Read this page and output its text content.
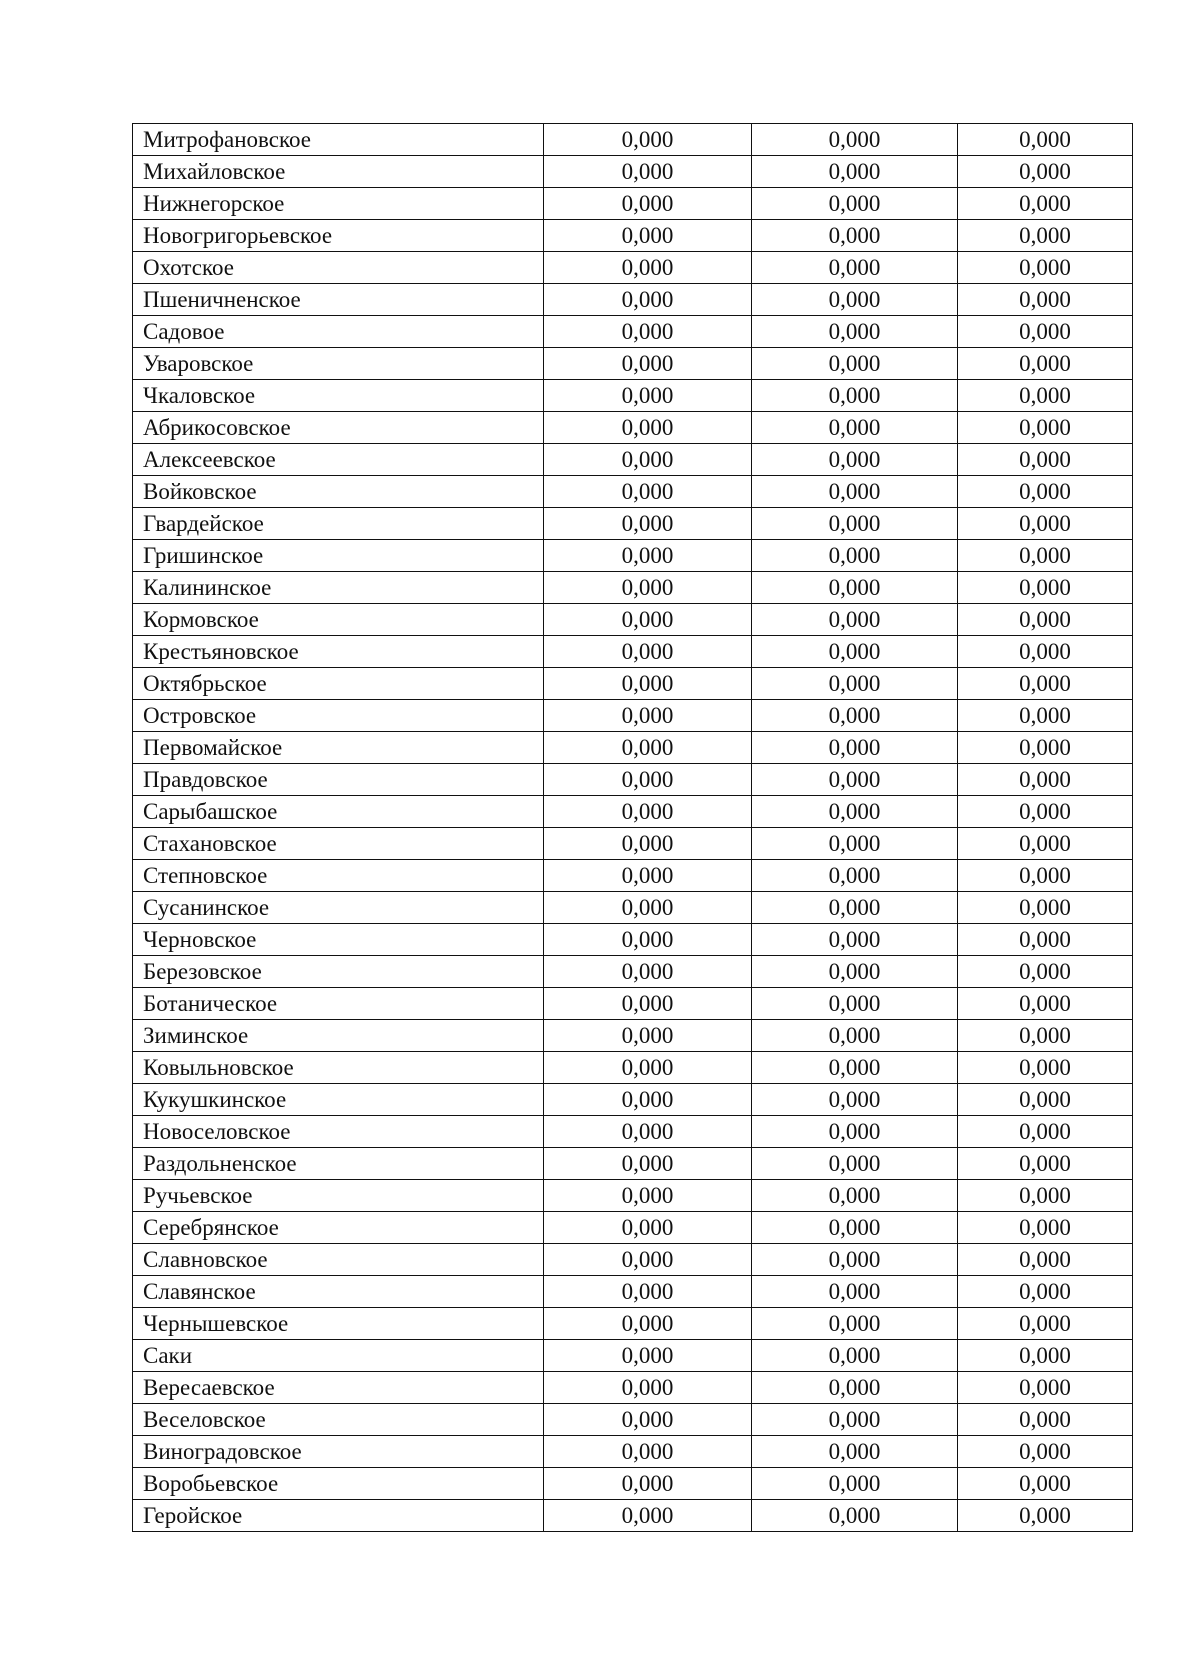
Митрофановское	0,000	0,000	0,000
Михайловское	0,000	0,000	0,000
Нижнегорское	0,000	0,000	0,000
Новогригорьевское	0,000	0,000	0,000
Охотское	0,000	0,000	0,000
Пшеничненское	0,000	0,000	0,000
Садовое	0,000	0,000	0,000
Уваровское	0,000	0,000	0,000
Чкаловское	0,000	0,000	0,000
Абрикосовское	0,000	0,000	0,000
Алексеевское	0,000	0,000	0,000
Войковское	0,000	0,000	0,000
Гвардейское	0,000	0,000	0,000
Гришинское	0,000	0,000	0,000
Калининское	0,000	0,000	0,000
Кормовское	0,000	0,000	0,000
Крестьяновское	0,000	0,000	0,000
Октябрьское	0,000	0,000	0,000
Островское	0,000	0,000	0,000
Первомайское	0,000	0,000	0,000
Правдовское	0,000	0,000	0,000
Сарыбашское	0,000	0,000	0,000
Стахановское	0,000	0,000	0,000
Степновское	0,000	0,000	0,000
Сусанинское	0,000	0,000	0,000
Черновское	0,000	0,000	0,000
Березовское	0,000	0,000	0,000
Ботаническое	0,000	0,000	0,000
Зиминское	0,000	0,000	0,000
Ковыльновское	0,000	0,000	0,000
Кукушкинское	0,000	0,000	0,000
Новоселовское	0,000	0,000	0,000
Раздольненское	0,000	0,000	0,000
Ручьевское	0,000	0,000	0,000
Серебрянское	0,000	0,000	0,000
Славновское	0,000	0,000	0,000
Славянское	0,000	0,000	0,000
Чернышевское	0,000	0,000	0,000
Саки	0,000	0,000	0,000
Вересаевское	0,000	0,000	0,000
Веселовское	0,000	0,000	0,000
Виноградовское	0,000	0,000	0,000
Воробьевское	0,000	0,000	0,000
Геройское	0,000	0,000	0,000
